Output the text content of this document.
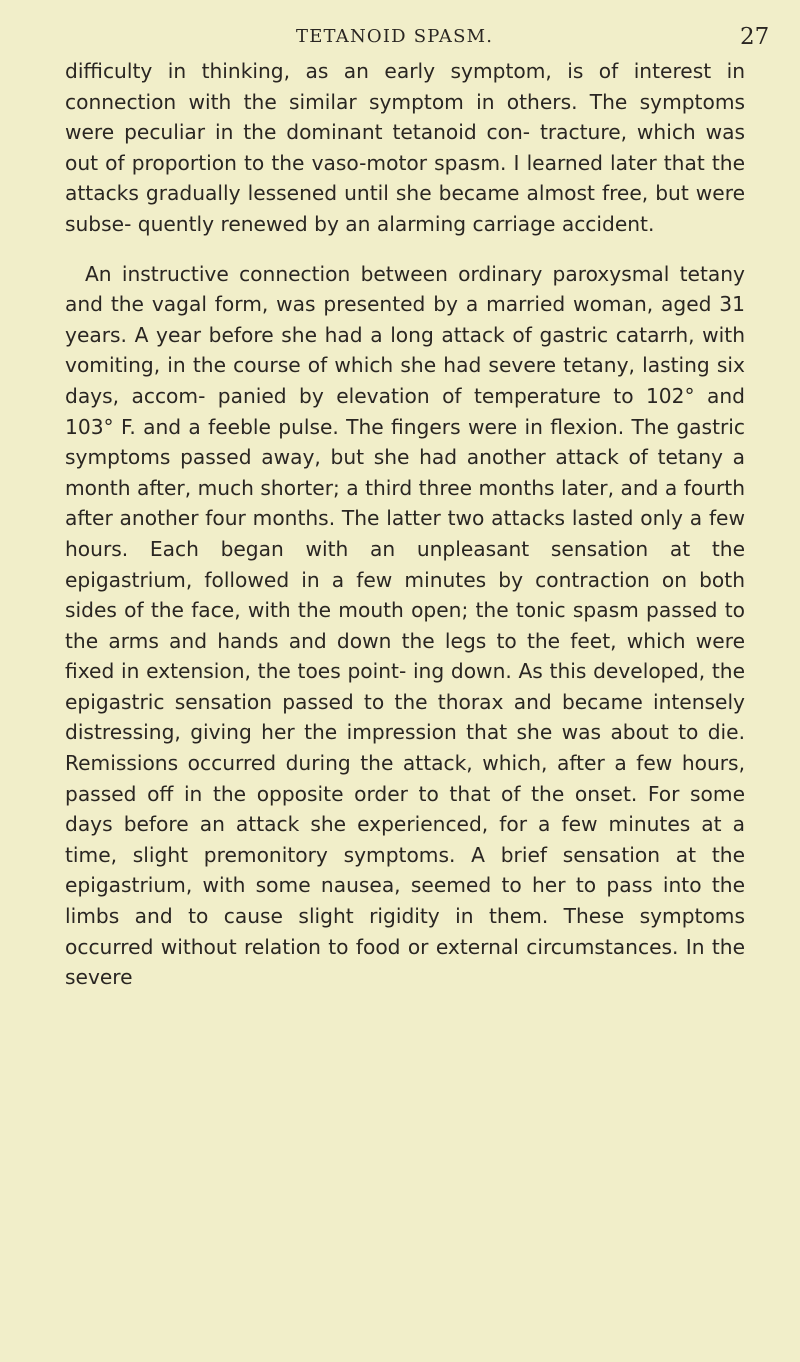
TETANOID SPASM.	27

difficulty in thinking, as an early symptom, is of interest in connection with the similar symptom in others. The symptoms were peculiar in the dominant tetanoid con- tracture, which was out of proportion to the vaso-motor spasm. I learned later that the attacks gradually lessened until she became almost free, but were subse- quently renewed by an alarming carriage accident.

An instructive connection between ordinary paroxysmal tetany and the vagal form, was presented by a married woman, aged 31 years. A year before she had a long attack of gastric catarrh, with vomiting, in the course of which she had severe tetany, lasting six days, accom- panied by elevation of temperature to 102° and 103° F. and a feeble pulse. The fingers were in flexion. The gastric symptoms passed away, but she had another attack of tetany a month after, much shorter; a third three months later, and a fourth after another four months. The latter two attacks lasted only a few hours. Each began with an unpleasant sensation at the epigastrium, followed in a few minutes by contraction on both sides of the face, with the mouth open; the tonic spasm passed to the arms and hands and down the legs to the feet, which were fixed in extension, the toes point- ing down. As this developed, the epigastric sensation passed to the thorax and became intensely distressing, giving her the impression that she was about to die. Remissions occurred during the attack, which, after a few hours, passed off in the opposite order to that of the onset. For some days before an attack she experienced, for a few minutes at a time, slight premonitory symptoms. A brief sensation at the epigastrium, with some nausea, seemed to her to pass into the limbs and to cause slight rigidity in them. These symptoms occurred without relation to food or external circumstances. In the severe
